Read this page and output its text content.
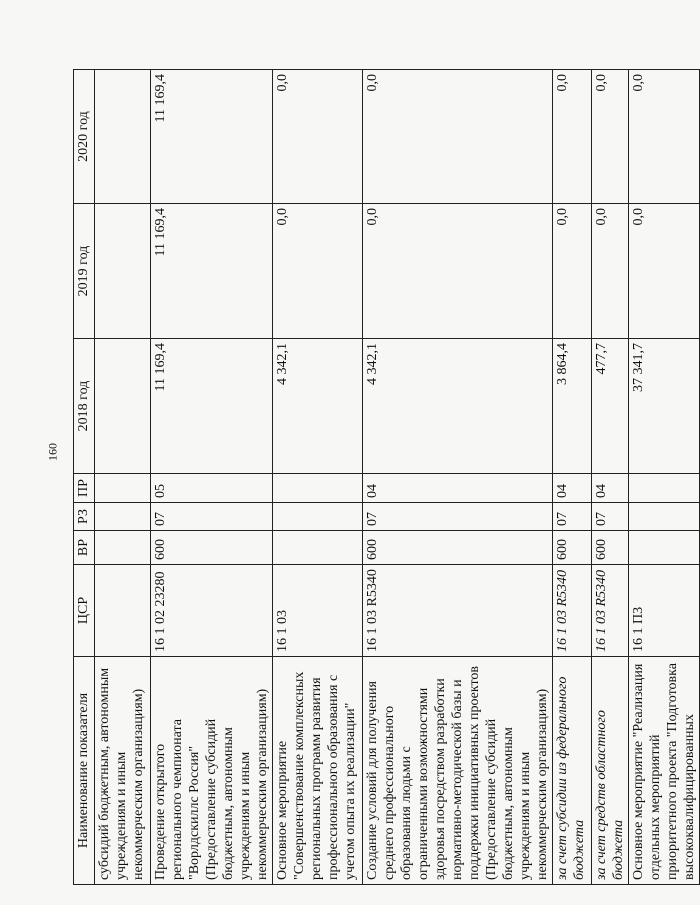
160
Наименование показателя	ЦСР	ВР	РЗ	ПР	2018 год	2019 год	2020 год
субсидий бюджетным, автономным учреждениям и иным некоммерческим организациям)							
Проведение открытого регионального чемпионата "Ворлдскиллс Россия" (Предоставление субсидий бюджетным, автономным учреждениям и иным некоммерческим организациям)	16 1 02 23280	600	07	05	11 169,4	11 169,4	11 169,4
Основное мероприятие "Совершенствование комплексных региональных программ развития профессионального образования с учетом опыта их реализации"	16 1 03				4 342,1	0,0	0,0
Создание условий для получения среднего профессионального образования людьми с ограниченными возможностями здоровья посредством разработки нормативно-методической базы и поддержки инициативных проектов (Предоставление субсидий бюджетным, автономным учреждениям и иным некоммерческим организациям)	16 1 03 R5340	600	07	04	4 342,1	0,0	0,0
за счет субсидии из федерального бюджета	16 1 03 R5340	600	07	04	3 864,4	0,0	0,0
за счет средств областного бюджета	16 1 03 R5340	600	07	04	477,7	0,0	0,0
Основное мероприятие "Реализация отдельных мероприятий приоритетного проекта "Подготовка высококвалифицированных	16 1 П3				37 341,7	0,0	0,0
